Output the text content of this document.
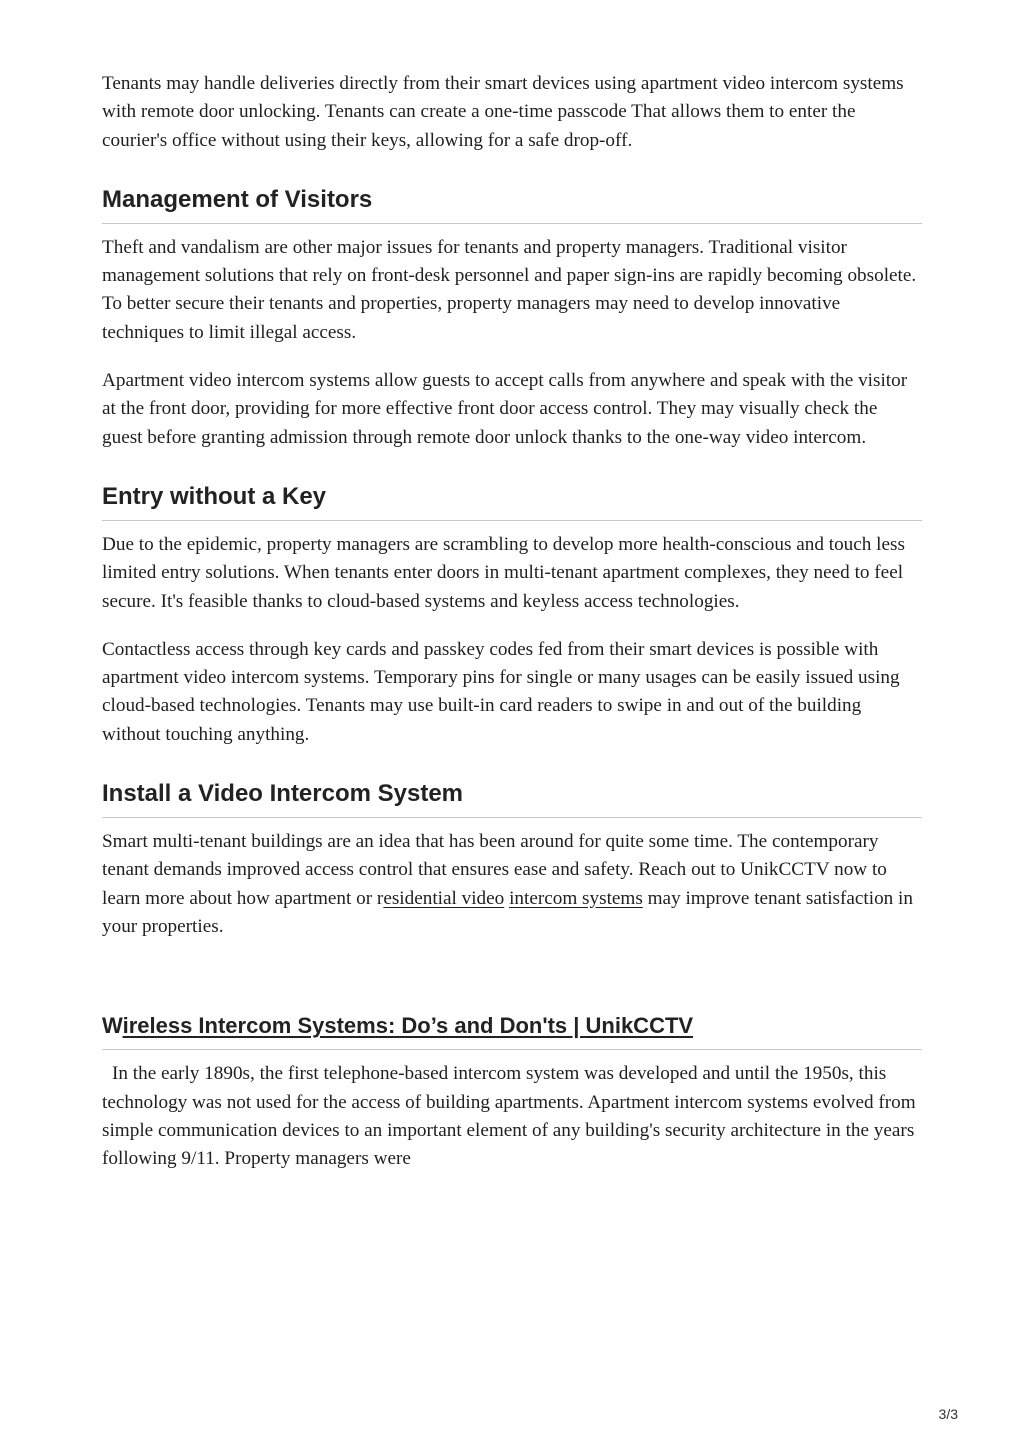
Tenants may handle deliveries directly from their smart devices using apartment video intercom systems with remote door unlocking. Tenants can create a one-time passcode That allows them to enter the courier's office without using their keys, allowing for a safe drop-off.

Management of Visitors

Theft and vandalism are other major issues for tenants and property managers. Traditional visitor management solutions that rely on front-desk personnel and paper sign-ins are rapidly becoming obsolete. To better secure their tenants and properties, property managers may need to develop innovative techniques to limit illegal access.

Apartment video intercom systems allow guests to accept calls from anywhere and speak with the visitor at the front door, providing for more effective front door access control. They may visually check the guest before granting admission through remote door unlock thanks to the one-way video intercom.

Entry without a Key

Due to the epidemic, property managers are scrambling to develop more health-conscious and touch less limited entry solutions. When tenants enter doors in multi-tenant apartment complexes, they need to feel secure. It's feasible thanks to cloud-based systems and keyless access technologies.

Contactless access through key cards and passkey codes fed from their smart devices is possible with apartment video intercom systems. Temporary pins for single or many usages can be easily issued using cloud-based technologies. Tenants may use built-in card readers to swipe in and out of the building without touching anything.

Install a Video Intercom System

Smart multi-tenant buildings are an idea that has been around for quite some time. The contemporary tenant demands improved access control that ensures ease and safety. Reach out to UnikCCTV now to learn more about how apartment or residential video intercom systems may improve tenant satisfaction in your properties.

Wireless Intercom Systems: Do’s and Don'ts | UnikCCTV

In the early 1890s, the first telephone-based intercom system was developed and until the 1950s, this technology was not used for the access of building apartments. Apartment intercom systems evolved from simple communication devices to an important element of any building's security architecture in the years following 9/11. Property managers were

3/3
